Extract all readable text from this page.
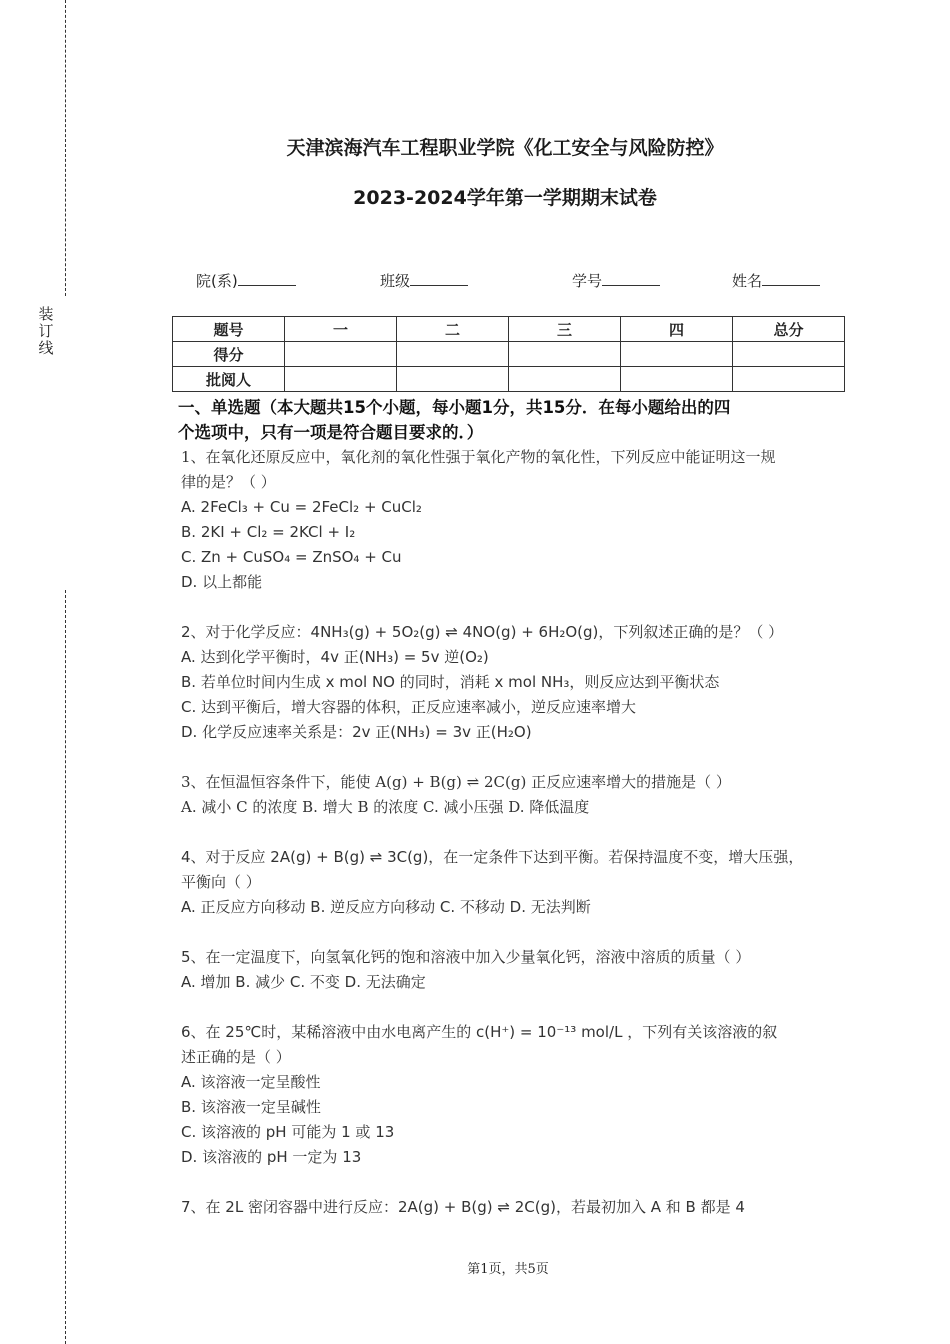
装订线
天津滨海汽车工程职业学院《化工安全与风险防控》
2023-2024学年第一学期期末试卷
院(系)	班级	学号	姓名
题号	一	二	三	四	总分
得分					
批阅人					
一、单选题（本大题共15个小题，每小题1分，共15分．在每小题给出的四
个选项中，只有一项是符合题目要求的．）
1、在氧化还原反应中，氧化剂的氧化性强于氧化产物的氧化性，下列反应中能证明这一规
律的是？（ ）
A. 2FeCl₃ + Cu = 2FeCl₂ + CuCl₂
B. 2KI + Cl₂ = 2KCl + I₂
C. Zn + CuSO₄ = ZnSO₄ + Cu
D. 以上都能
2、对于化学反应：4NH₃(g) + 5O₂(g) ⇌ 4NO(g) + 6H₂O(g)，下列叙述正确的是？（ ）
A. 达到化学平衡时，4v 正(NH₃) = 5v 逆(O₂)
B. 若单位时间内生成 x mol NO 的同时，消耗 x mol NH₃，则反应达到平衡状态
C. 达到平衡后，增大容器的体积，正反应速率减小，逆反应速率增大
D. 化学反应速率关系是：2v 正(NH₃) = 3v 正(H₂O)
3、在恒温恒容条件下，能使 A(g) + B(g) ⇌ 2C(g) 正反应速率增大的措施是（ ）
A. 减小 C 的浓度 B. 增大 B 的浓度 C. 减小压强 D. 降低温度
4、对于反应 2A(g) + B(g) ⇌ 3C(g)，在一定条件下达到平衡。若保持温度不变，增大压强，
平衡向（ ）
A. 正反应方向移动 B. 逆反应方向移动 C. 不移动 D. 无法判断
5、在一定温度下，向氢氧化钙的饱和溶液中加入少量氧化钙，溶液中溶质的质量（ ）
A. 增加 B. 减少 C. 不变 D. 无法确定
6、在 25℃时，某稀溶液中由水电离产生的 c(H⁺) = 10⁻¹³ mol/L ，下列有关该溶液的叙
述正确的是（ ）
A. 该溶液一定呈酸性
B. 该溶液一定呈碱性
C. 该溶液的 pH 可能为 1 或 13
D. 该溶液的 pH 一定为 13
7、在 2L 密闭容器中进行反应：2A(g) + B(g) ⇌ 2C(g)，若最初加入 A 和 B 都是 4
第1页，共5页
